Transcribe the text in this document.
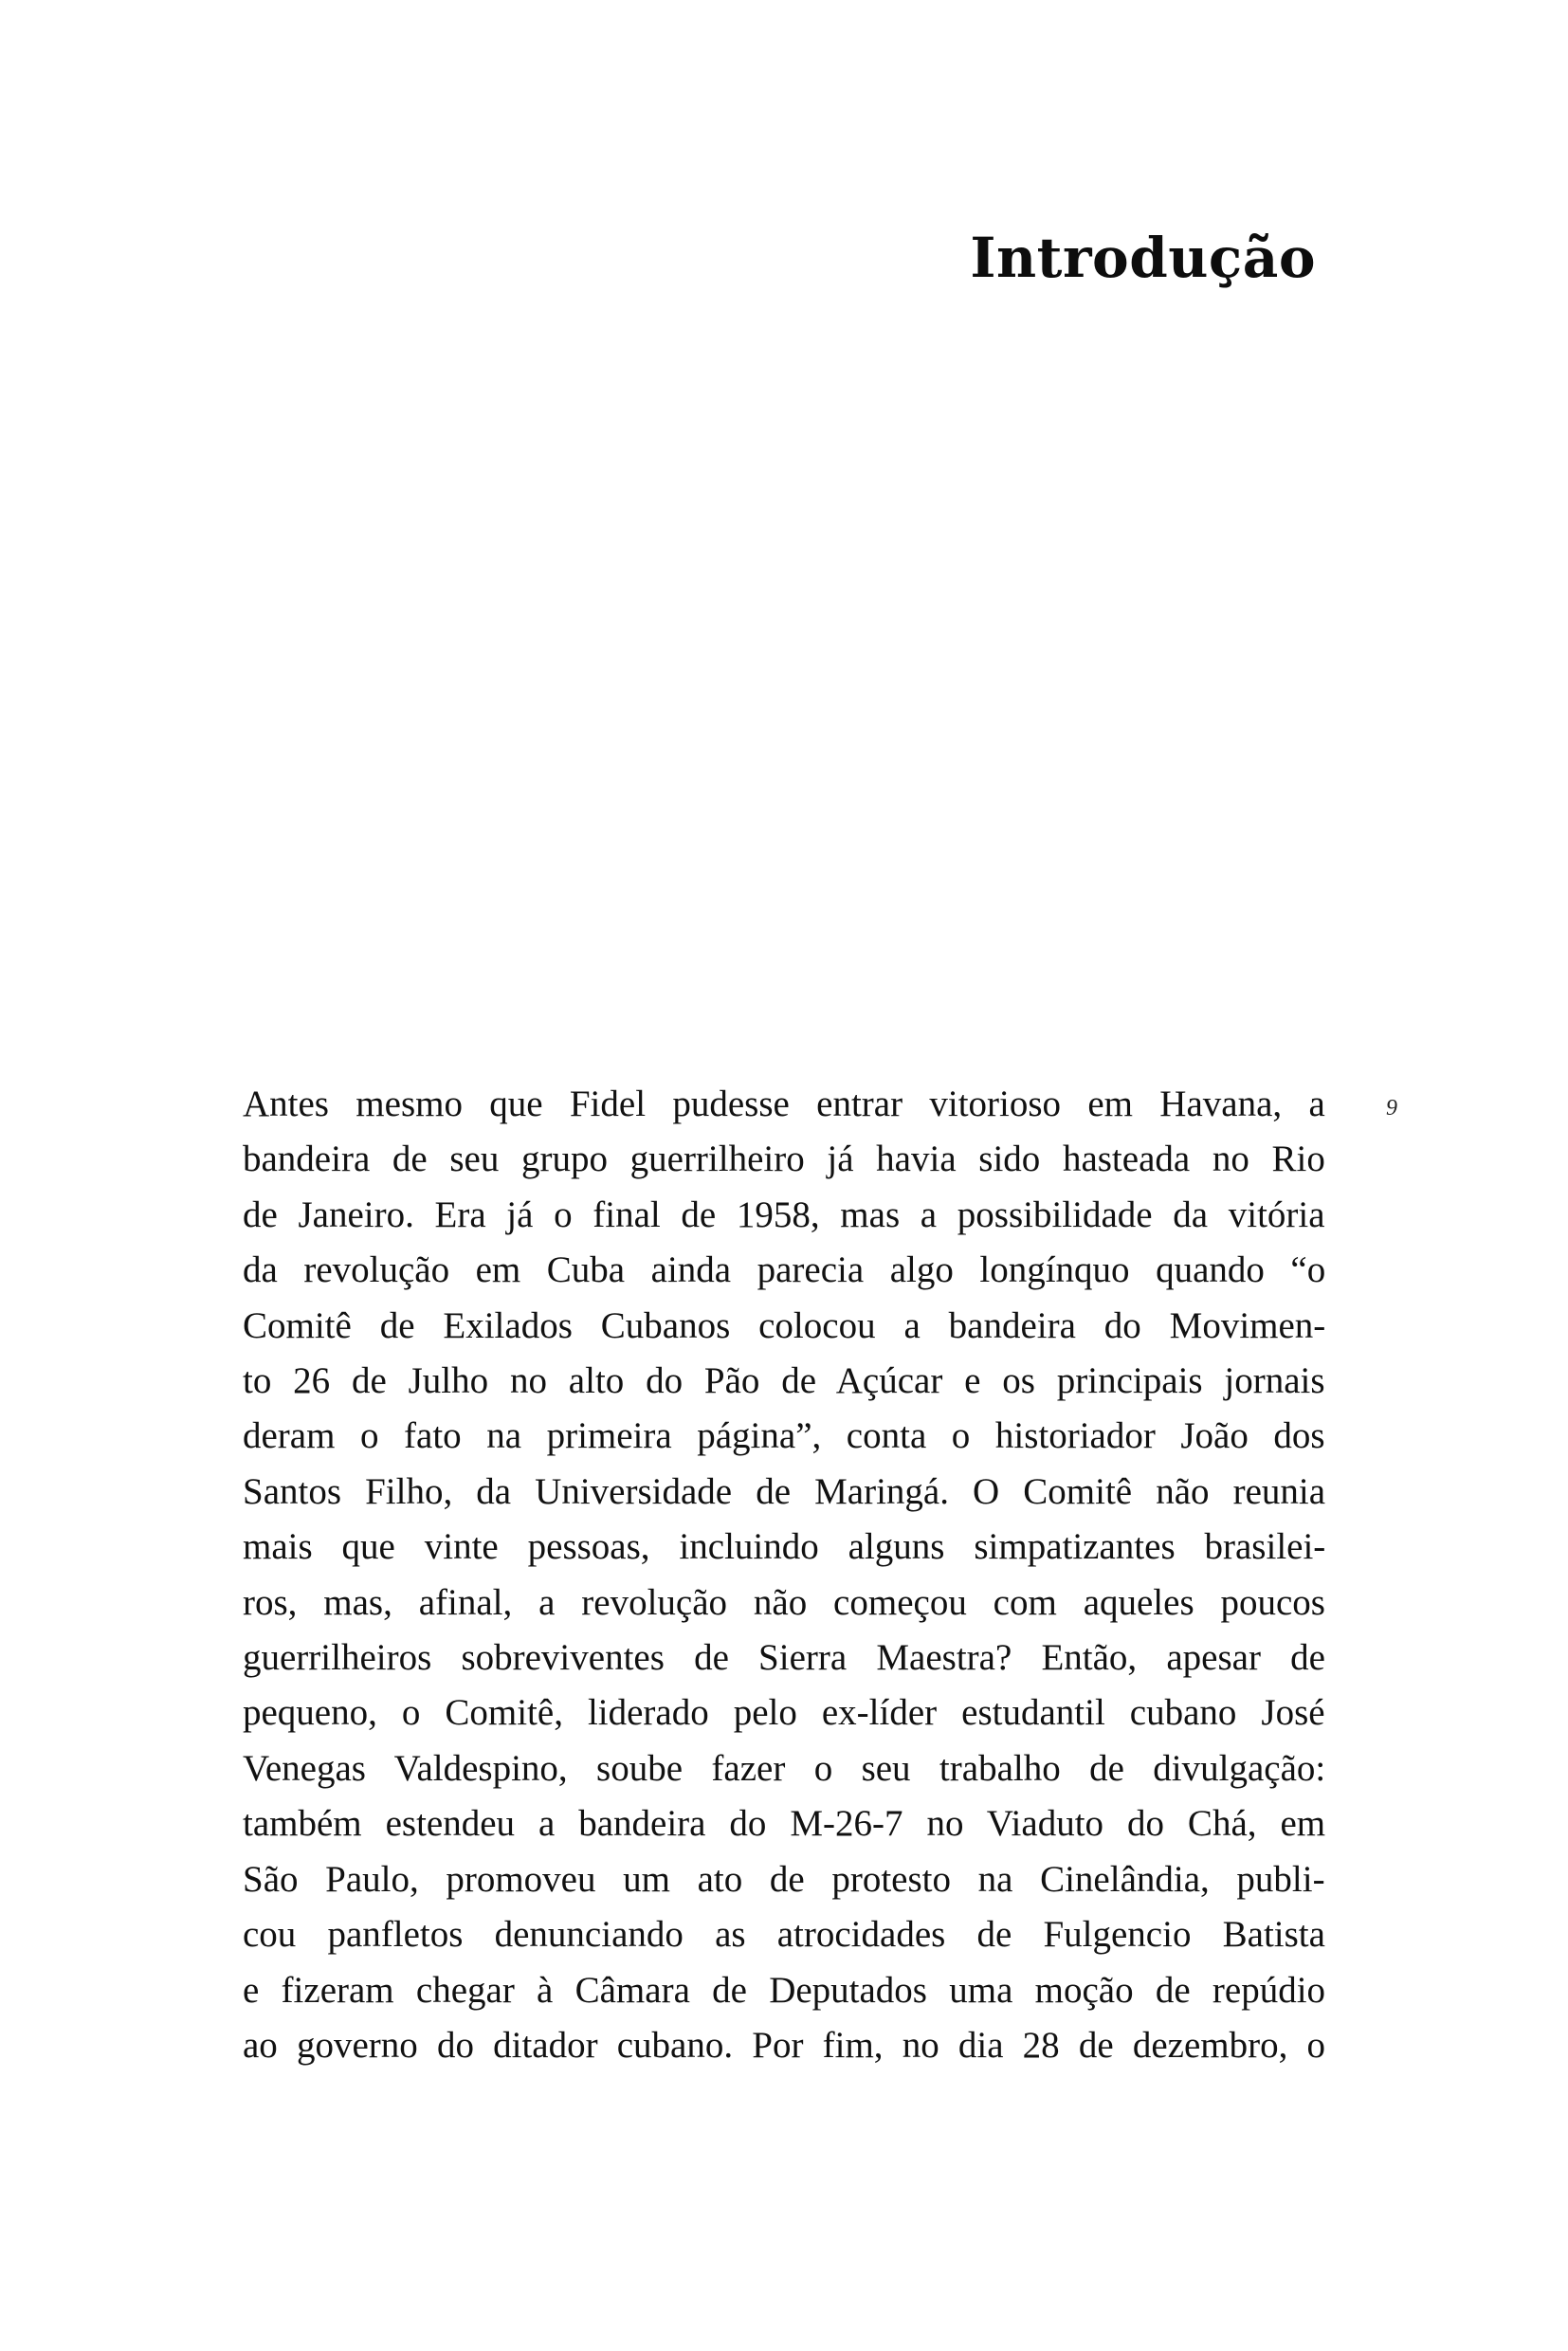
Introdução
9
Antes mesmo que Fidel pudesse entrar vitorioso em Havana, a
bandeira de seu grupo guerrilheiro já havia sido hasteada no Rio
de Janeiro. Era já o final de 1958, mas a possibilidade da vitória
da revolução em Cuba ainda parecia algo longínquo quando “o
Comitê de Exilados Cubanos colocou a bandeira do Movimen-
to 26 de Julho no alto do Pão de Açúcar e os principais jornais
deram o fato na primeira página”, conta o historiador João dos
Santos Filho, da Universidade de Maringá. O Comitê não reunia
mais que vinte pessoas, incluindo alguns simpatizantes brasilei-
ros, mas, afinal, a revolução não começou com aqueles poucos
guerrilheiros sobreviventes de Sierra Maestra? Então, apesar de
pequeno, o Comitê, liderado pelo ex-líder estudantil cubano José
Venegas Valdespino, soube fazer o seu trabalho de divulgação:
também estendeu a bandeira do M-26-7 no Viaduto do Chá, em
São Paulo, promoveu um ato de protesto na Cinelândia, publi-
cou panfletos denunciando as atrocidades de Fulgencio Batista
e fizeram chegar à Câmara de Deputados uma moção de repúdio
ao governo do ditador cubano. Por fim, no dia 28 de dezembro, o
